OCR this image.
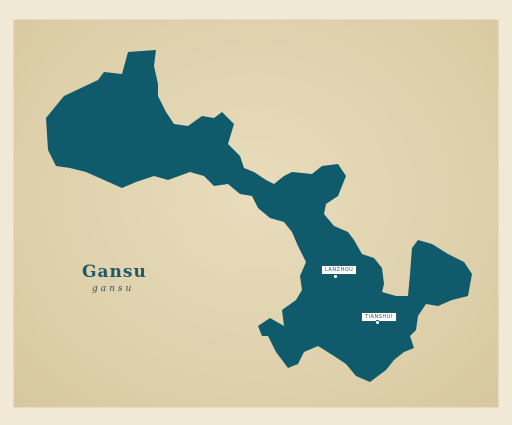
Gansu
gansu
LANZHOU
TIANSHUI
